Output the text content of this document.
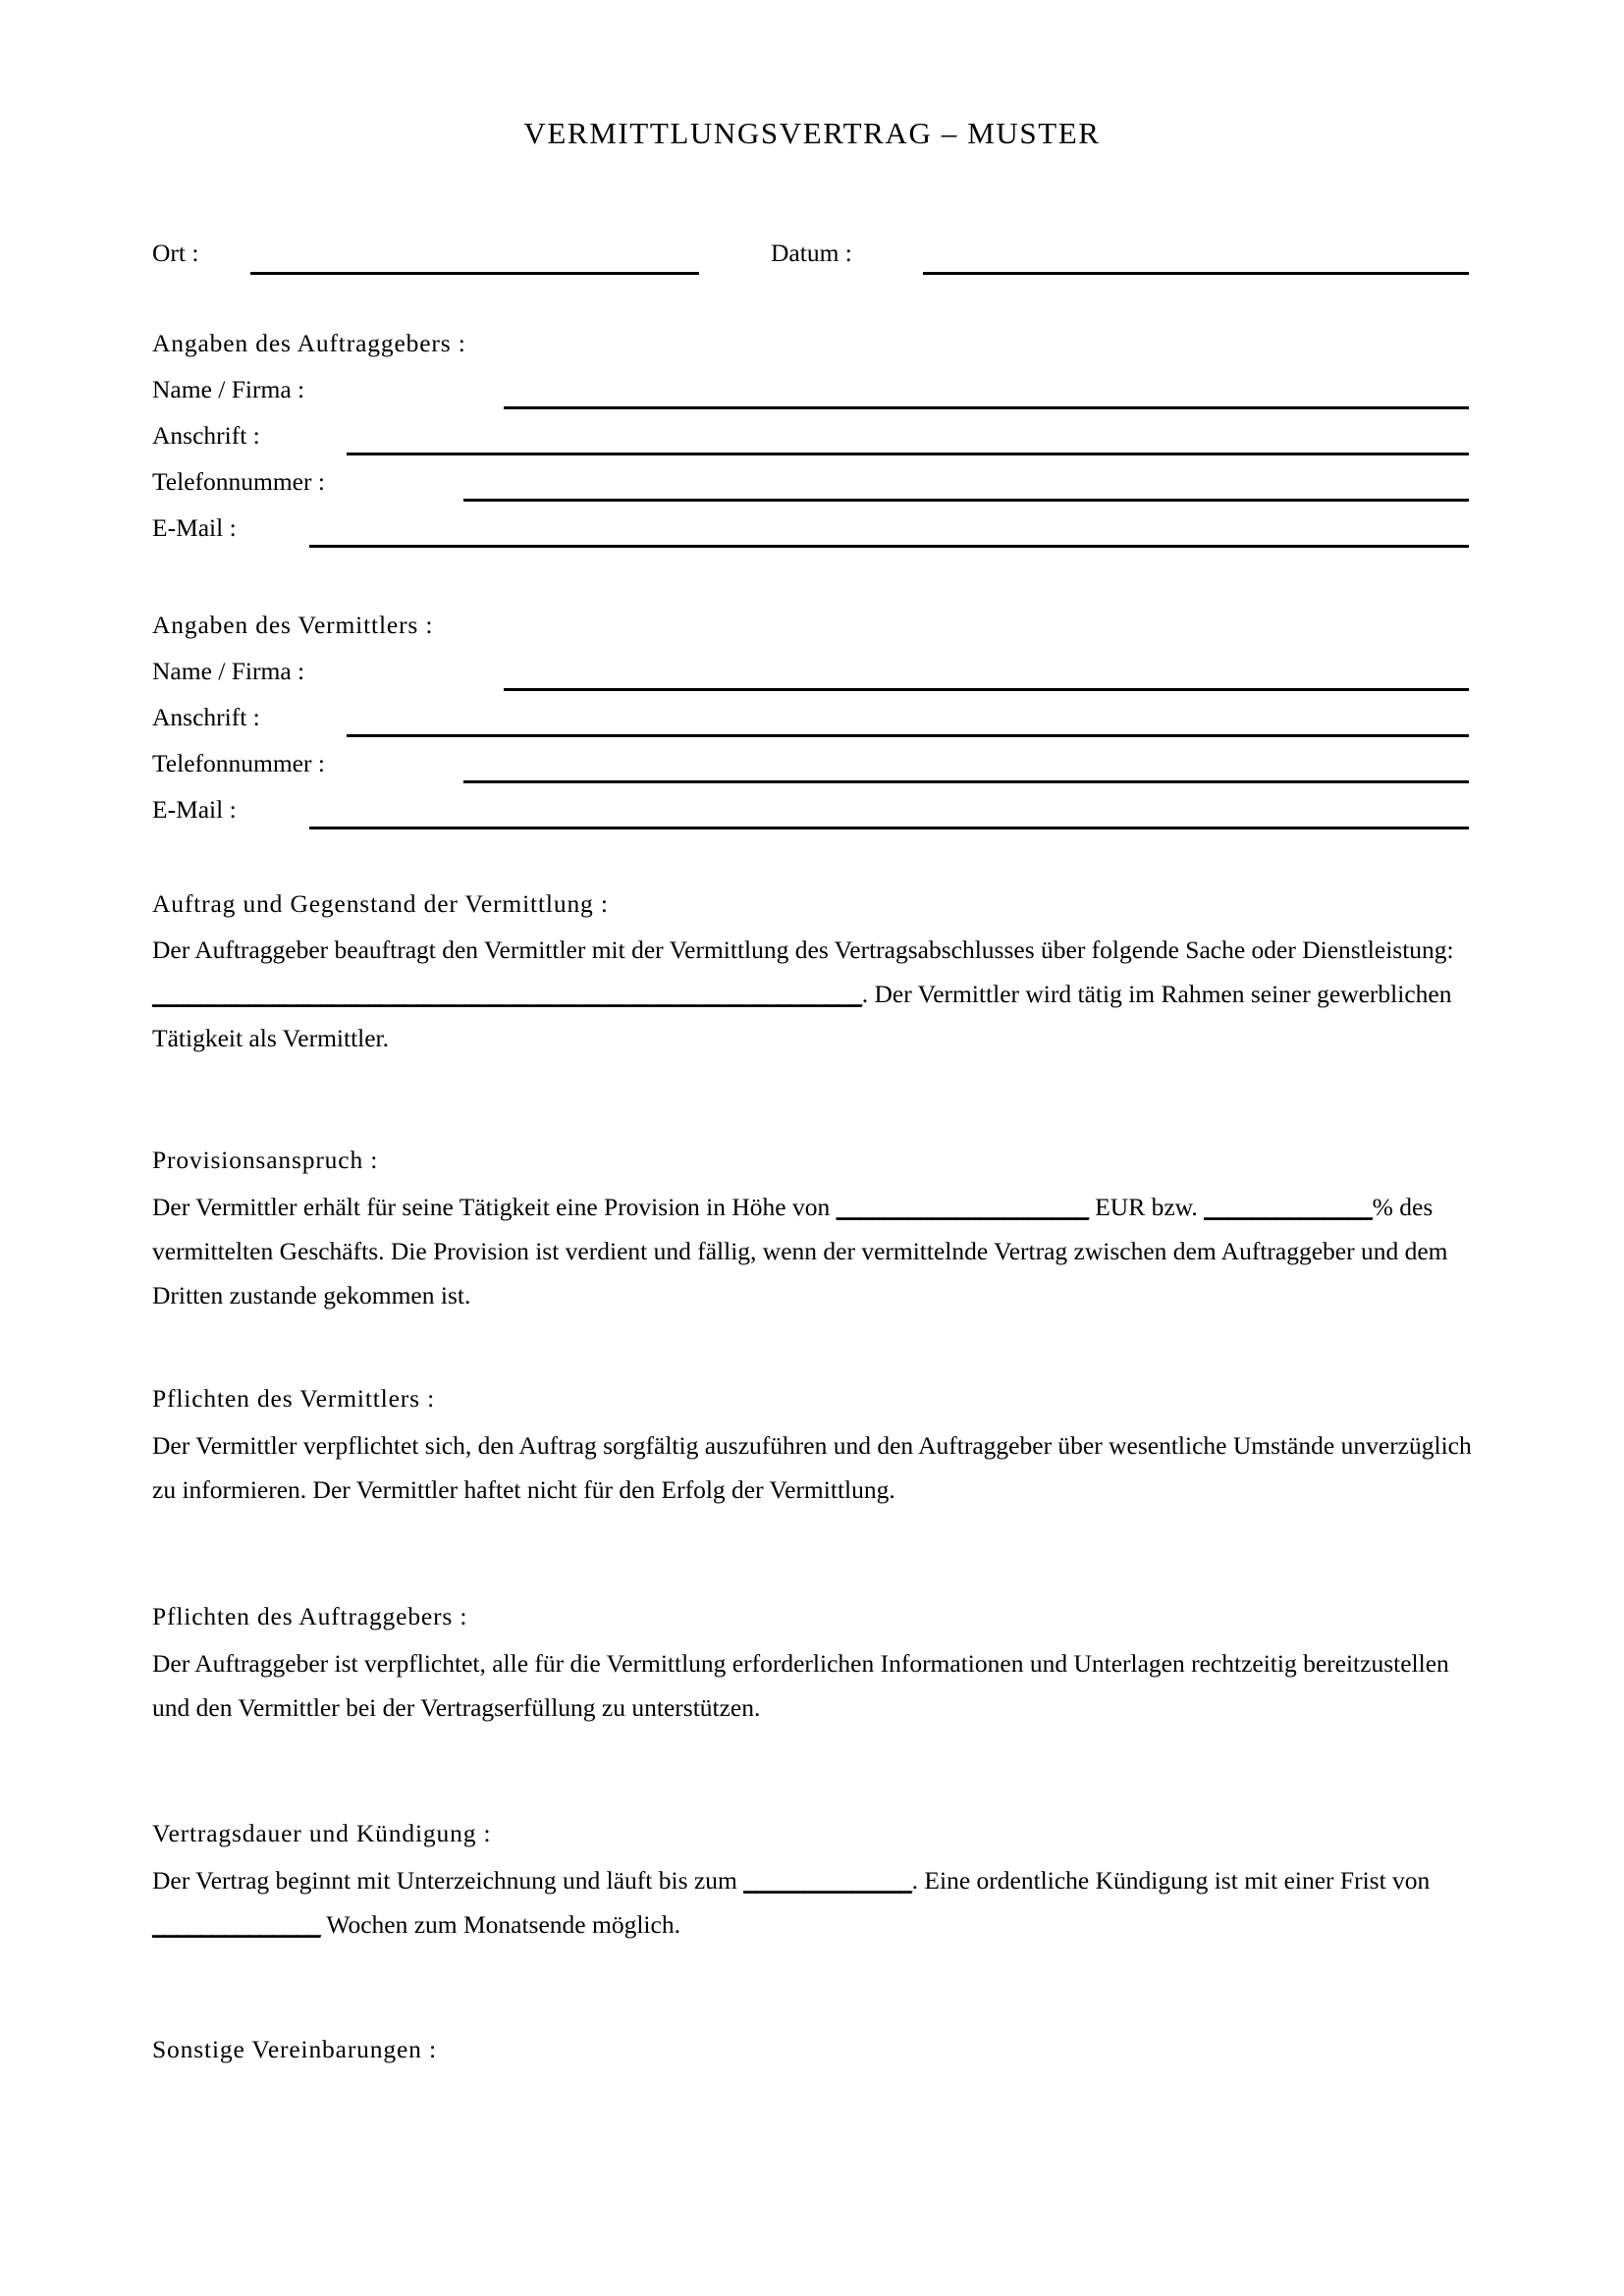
VERMITTLUNGSVERTRAG – MUSTER
Ort :	Datum :
Angaben des Auftraggebers :
Name / Firma :
Anschrift :
Telefonnummer :
E-Mail :
Angaben des Vermittlers :
Name / Firma :
Anschrift :
Telefonnummer :
E-Mail :
Auftrag und Gegenstand der Vermittlung :
Der Auftraggeber beauftragt den Vermittler mit der Vermittlung des Vertragsabschlusses über folgende Sache oder Dienstleistung: ___________________________________________________________. Der Vermittler wird tätig im Rahmen seiner gewerblichen Tätigkeit als Vermittler.
Provisionsanspruch :
Der Vermittler erhält für seine Tätigkeit eine Provision in Höhe von _____________________ EUR bzw. ______________% des vermittelten Geschäfts. Die Provision ist verdient und fällig, wenn der vermittelnde Vertrag zwischen dem Auftraggeber und dem Dritten zustande gekommen ist.
Pflichten des Vermittlers :
Der Vermittler verpflichtet sich, den Auftrag sorgfältig auszuführen und den Auftraggeber über wesentliche Umstände unverzüglich zu informieren. Der Vermittler haftet nicht für den Erfolg der Vermittlung.
Pflichten des Auftraggebers :
Der Auftraggeber ist verpflichtet, alle für die Vermittlung erforderlichen Informationen und Unterlagen rechtzeitig bereitzustellen und den Vermittler bei der Vertragserfüllung zu unterstützen.
Vertragsdauer und Kündigung :
Der Vertrag beginnt mit Unterzeichnung und läuft bis zum ______________. Eine ordentliche Kündigung ist mit einer Frist von ______________ Wochen zum Monatsende möglich.
Sonstige Vereinbarungen :
